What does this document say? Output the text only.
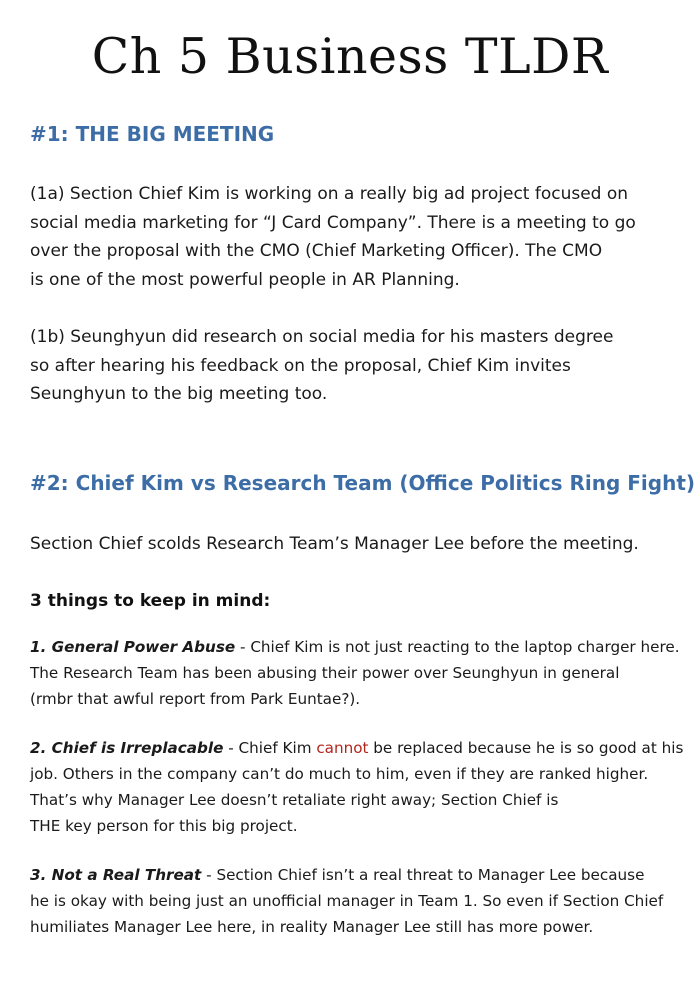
Ch 5 Business TLDR
#1: THE BIG MEETING
(1a) Section Chief Kim is working on a really big ad project focused on
social media marketing for “J Card Company”. There is a meeting to go
over the proposal with the CMO (Chief Marketing Officer). The CMO
is one of the most powerful people in AR Planning.
(1b) Seunghyun did research on social media for his masters degree
so after hearing his feedback on the proposal, Chief Kim invites
Seunghyun to the big meeting too.
#2: Chief Kim vs Research Team (Office Politics Ring Fight)
Section Chief scolds Research Team’s Manager Lee before the meeting.
3 things to keep in mind:
1. General Power Abuse - Chief Kim is not just reacting to the laptop charger here.
The Research Team has been abusing their power over Seunghyun in general
(rmbr that awful report from Park Euntae?).
2. Chief is Irreplacable - Chief Kim cannot be replaced because he is so good at his
job. Others in the company can’t do much to him, even if they are ranked higher.
That’s why Manager Lee doesn’t retaliate right away; Section Chief is
THE key person for this big project.
3. Not a Real Threat - Section Chief isn’t a real threat to Manager Lee because
he is okay with being just an unofficial manager in Team 1. So even if Section Chief
humiliates Manager Lee here, in reality Manager Lee still has more power.
